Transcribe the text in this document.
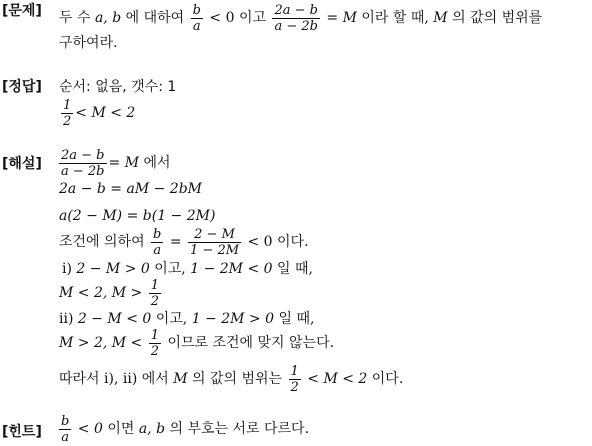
[문제] 두 수 a, b 에 대하여 $\frac{b}{a} < 0$ 이고 $\frac{2a - b}{a - 2b} = M$ 이라 할 때, M 의 값의 범위를
구하여라.
[정답] 순서: 없음, 갯수: 1
$\frac{1}{2} < M < 2$
[해설] $\frac{2a - b}{a - 2b} = M$ 에서
2a − b = aM − 2bM
a(2 − M) = b(1 − 2M)
조건에 의하여 $\frac{b}{a} = \frac{2 - M}{1 - 2M} < 0$ 이다.
ⅰ) 2 − M > 0 이고, 1 − 2M < 0 일 때,
M < 2, $M > \frac{1}{2}$
ⅱ) 2 − M < 0 이고, 1 − 2M > 0 일 때,
M > 2, $M < \frac{1}{2}$ 이므로 조건에 맞지 않는다.
따라서 ⅰ), ⅱ) 에서 M 의 값의 범위는 $\frac{1}{2} < M < 2$ 이다.
[힌트] $\frac{b}{a} < 0$ 이면 a, b 의 부호는 서로 다르다.
